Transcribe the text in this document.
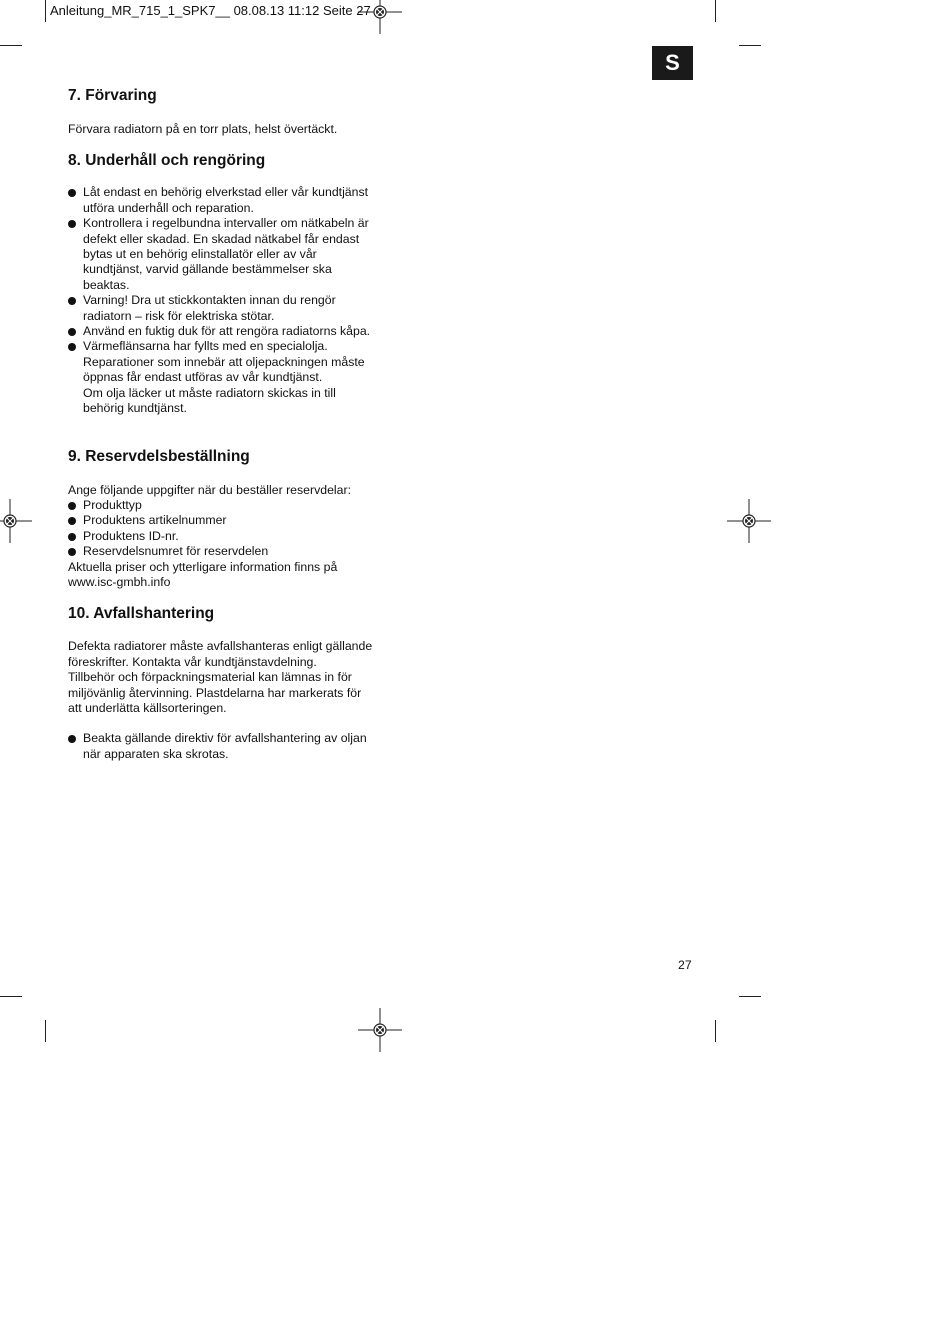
Anleitung_MR_715_1_SPK7__ 08.08.13 11:12 Seite 27
S
7. Förvaring

Förvara radiatorn på en torr plats, helst övertäckt.

8. Underhåll och rengöring
Låt endast en behörig elverkstad eller vår kundtjänst utföra underhåll och reparation.
Kontrollera i regelbundna intervaller om nätkabeln är defekt eller skadad. En skadad nätkabel får endast bytas ut en behörig elinstallatör eller av vår kundtjänst, varvid gällande bestämmelser ska beaktas.
Varning! Dra ut stickkontakten innan du rengör radiatorn – risk för elektriska stötar.
Använd en fuktig duk för att rengöra radiatorns kåpa.
Värmeflänsarna har fyllts med en specialolja. Reparationer som innebär att oljepackningen måste öppnas får endast utföras av vår kundtjänst.
Om olja läcker ut måste radiatorn skickas in till behörig kundtjänst.
9. Reservdelsbeställning

Ange följande uppgifter när du beställer reservdelar:

Produkttyp
Produktens artikelnummer
Produktens ID-nr.
Reservdelsnumret för reservdelen

Aktuella priser och ytterligare information finns på www.isc-gmbh.info

10. Avfallshantering

Defekta radiatorer måste avfallshanteras enligt gällande föreskrifter. Kontakta vår kundtjänstavdelning.

Tillbehör och förpackningsmaterial kan lämnas in för miljövänlig återvinning. Plastdelarna har markerats för att underlätta källsorteringen.

Beakta gällande direktiv för avfallshantering av oljan när apparaten ska skrotas.
27
